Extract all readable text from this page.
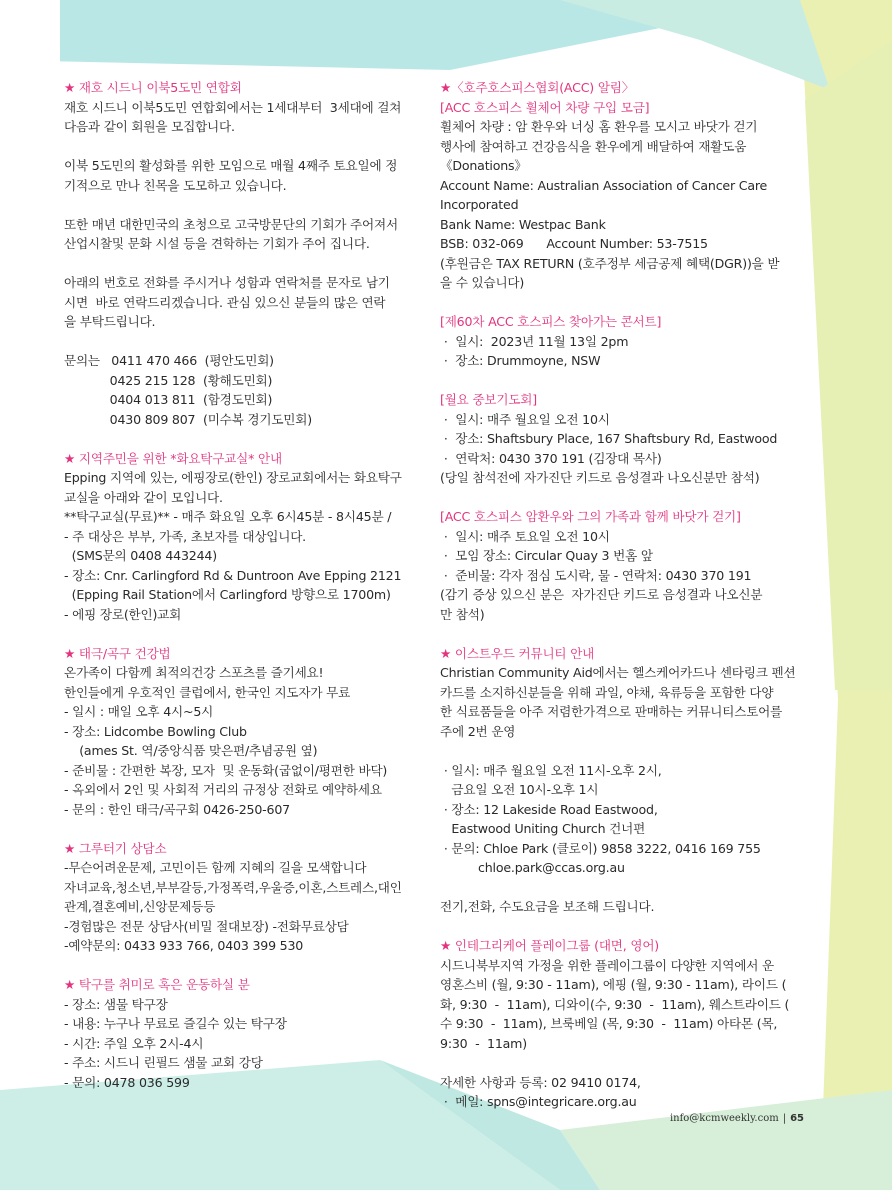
★ 재호 시드니 이북5도민 연합회
재호 시드니 이북5도민 연합회에서는 1세대부터  3세대에 걸쳐
다음과 같이 회원을 모집합니다.
이북 5도민의 활성화를 위한 모임으로 매월 4째주 토요일에 정
기적으로 만나 친목을 도모하고 있습니다.
또한 매년 대한민국의 초청으로 고국방문단의 기회가 주어져서
산업시찰및 문화 시설 등을 견학하는 기회가 주어 집니다.
아래의 번호로 전화를 주시거나 성함과 연락처를 문자로 남기
시면  바로 연락드리겠습니다. 관심 있으신 분들의 많은 연락
을 부탁드립니다.
문의는   0411 470 466  (평안도민회)
0425 215 128  (황해도민회)
0404 013 811  (함경도민회)
0430 809 807  (미수복 경기도민회)
★ 지역주민을 위한 *화요탁구교실* 안내
Epping 지역에 있는, 에핑장로(한인) 장로교회에서는 화요탁구
교실을 아래와 같이 모입니다.
**탁구교실(무료)** - 매주 화요일 오후 6시45분 - 8시45분 /
- 주 대상은 부부, 가족, 초보자를 대상입니다.
(SMS문의 0408 443244)
- 장소: Cnr. Carlingford Rd & Duntroon Ave Epping 2121
(Epping Rail Station에서 Carlingford 방향으로 1700m)
- 에핑 장로(한인)교회
★ 태극/곡구 건강법
온가족이 다함께 최적의건강 스포츠를 즐기세요!
한인들에게 우호적인 클럽에서, 한국인 지도자가 무료
- 일시 : 매일 오후 4시~5시
- 장소: Lidcombe Bowling Club
(ames St. 역/중앙식품 맞은편/추념공원 옆)
- 준비물 : 간편한 복장, 모자  및 운동화(굽없이/평편한 바닥)
- 옥외에서 2인 및 사회적 거리의 규정상 전화로 예약하세요
- 문의 : 한인 태극/곡구회 0426-250-607
★ 그루터기 상담소
-무슨어려운문제, 고민이든 함께 지혜의 길을 모색합니다
자녀교육,청소년,부부갈등,가정폭력,우울증,이혼,스트레스,대인
관계,결혼예비,신앙문제등등
-경험많은 전문 상담사(비밀 절대보장) -전화무료상담
-예약문의: 0433 933 766, 0403 399 530
★ 탁구를 취미로 혹은 운동하실 분
- 장소: 샘물 탁구장
- 내용: 누구나 무료로 즐길수 있는 탁구장
- 시간: 주일 오후 2시-4시
- 주소: 시드니 린필드 샘물 교회 강당
- 문의: 0478 036 599
★〈호주호스피스협회(ACC) 알림〉
[ACC 호스피스 휠체어 차량 구입 모금]
휠체어 차량 : 암 환우와 너싱 홈 환우를 모시고 바닷가 걷기
행사에 참여하고 건강음식을 환우에게 배달하여 재활도움
《Donations》
Account Name: Australian Association of Cancer Care
Incorporated
Bank Name: Westpac Bank
BSB: 032-069      Account Number: 53-7515
(후원금은 TAX RETURN (호주정부 세금공제 혜택(DGR))을 받
을 수 있습니다)
[제60차 ACC 호스피스 찾아가는 콘서트]
·  일시:  2023년 11월 13일 2pm
·  장소: Drummoyne, NSW
[월요 중보기도회]
·  일시: 매주 월요일 오전 10시
·  장소: Shaftsbury Place, 167 Shaftsbury Rd, Eastwood
·  연락처: 0430 370 191 (김장대 목사)
(당일 참석전에 자가진단 키드로 음성결과 나오신분만 참석)
[ACC 호스피스 암환우와 그의 가족과 함께 바닷가 걷기]
·  일시: 매주 토요일 오전 10시
·  모임 장소: Circular Quay 3 번홈 앞
·  준비물: 각자 점심 도시락, 물 - 연락처: 0430 370 191
(감기 증상 있으신 분은  자가진단 키드로 음성결과 나오신분
만 참석)
★ 이스트우드 커뮤니티 안내
Christian Community Aid에서는 헬스케어카드나 센타링크 펜션
카드를 소지하신분들을 위해 과일, 야채, 육류등을 포함한 다양
한 식료품들을 아주 저렴한가격으로 판매하는 커뮤니티스토어를
주에 2번 운영
· 일시: 매주 월요일 오전 11시-오후 2시,
금요일 오전 10시-오후 1시
· 장소: 12 Lakeside Road Eastwood,
Eastwood Uniting Church 건너편
· 문의: Chloe Park (클로이) 9858 3222, 0416 169 755
chloe.park@ccas.org.au
전기,전화, 수도요금을 보조해 드립니다.
★ 인테그리케어 플레이그룹 (대면, 영어)
시드니북부지역 가정을 위한 플레이그룹이 다양한 지역에서 운
영혼스비 (월, 9:30 - 11am), 에핑 (월, 9:30 - 11am), 라이드 (
화, 9:30  -  11am), 디와이(수, 9:30  -  11am), 웨스트라이드 (
수 9:30  -  11am), 브룩베일 (목, 9:30  -  11am) 아타몬 (목,
9:30  -  11am)
자세한 사항과 등록: 02 9410 0174,
·  메일: spns@integricare.org.au
info@kcmweekly.com | 65
